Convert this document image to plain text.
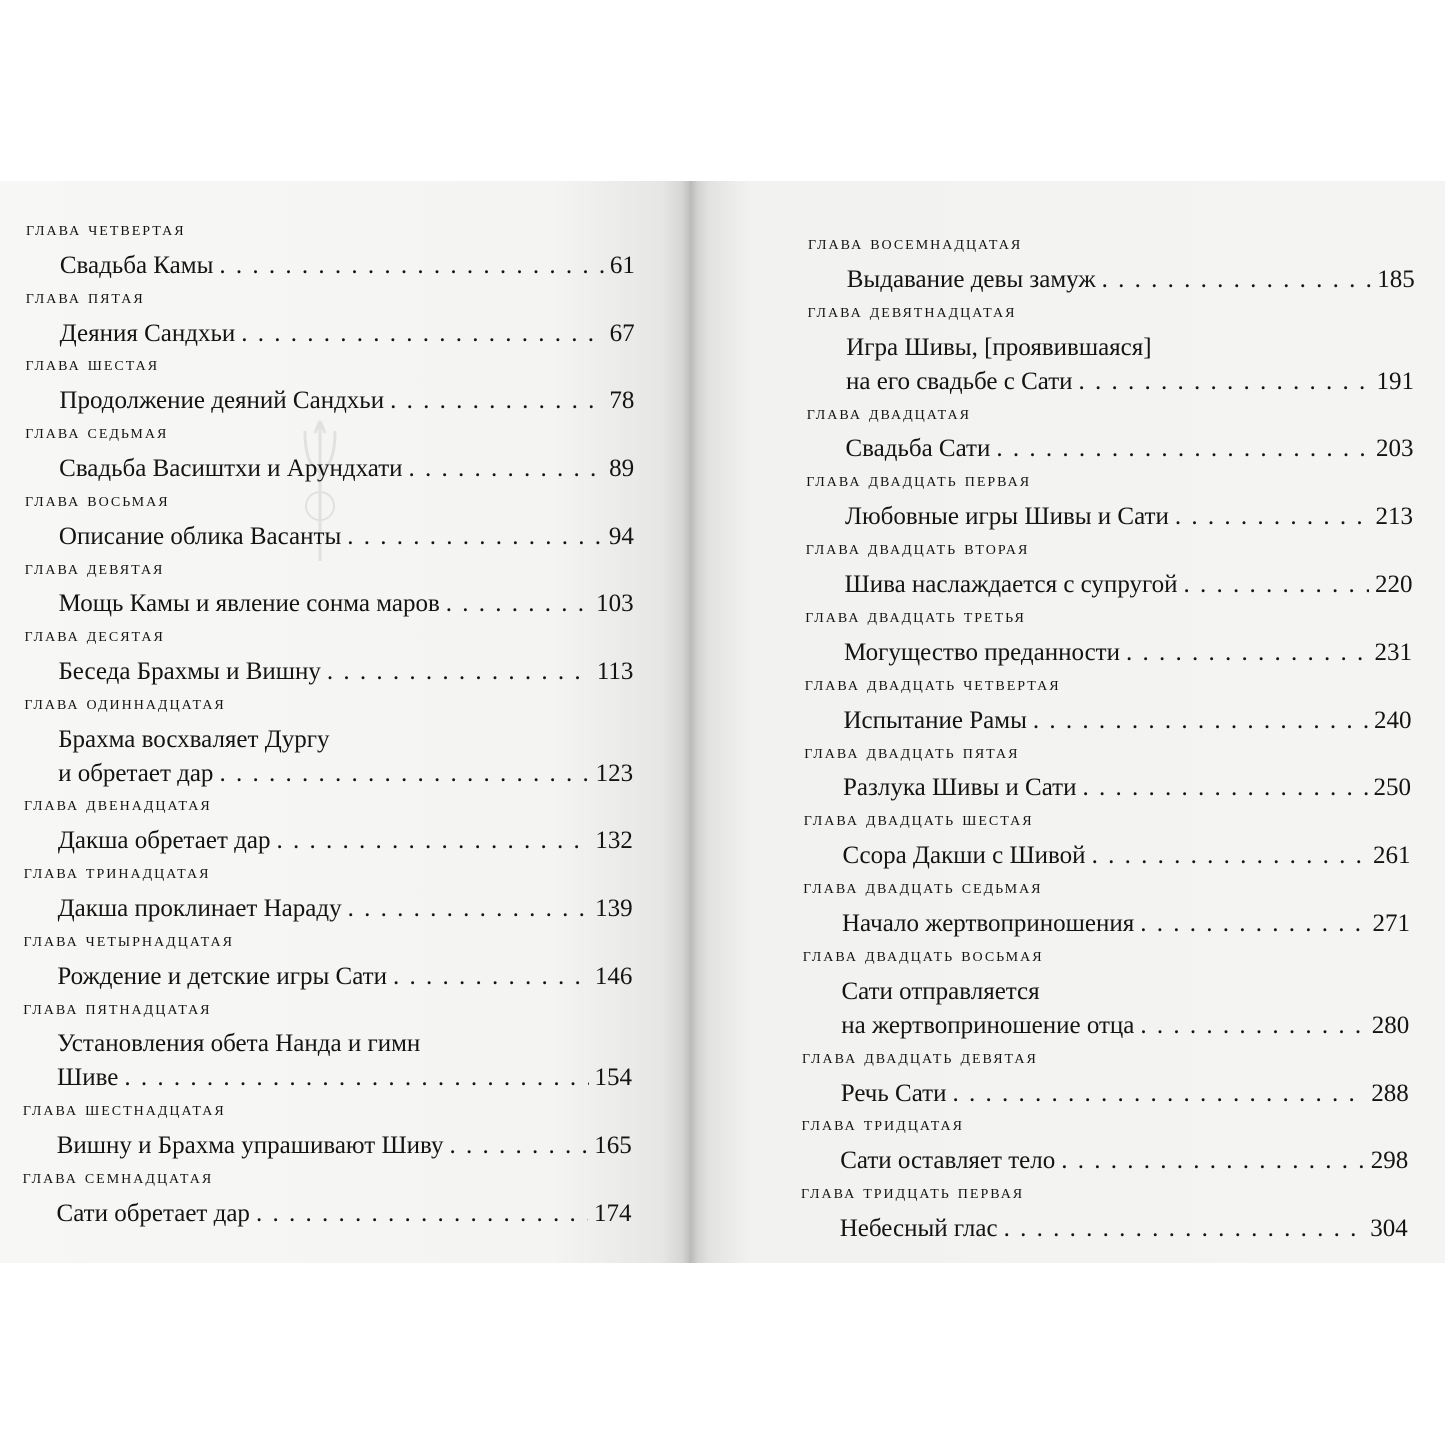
глава четвертая
Свадьба Камы . . .	61
глава пятая
Деяния Сандхьи . . .	67
глава шестая
Продолжение деяний Сандхьи . . .	78
глава седьмая
Свадьба Васиштхи и Арундхати . . .	89
глава восьмая
Описание облика Васанты . . .	94
глава девятая
Мощь Камы и явление сонма маров . . .	103
глава десятая
Беседа Брахмы и Вишну . . .	113
глава одиннадцатая
Брахма восхваляет Дургу
и обретает дар . . .	123
глава двенадцатая
Дакша обретает дар . . .	132
глава тринадцатая
Дакша проклинает Нараду . . .	139
глава четырнадцатая
Рождение и детские игры Сати . . .	146
глава пятнадцатая
Установления обета Нанда и гимн
Шиве . . .	154
глава шестнадцатая
Вишну и Брахма упрашивают Шиву . . .	165
глава семнадцатая
Сати обретает дар . . .	174
глава восемнадцатая
Выдавание девы замуж . . .	185
глава девятнадцатая
Игра Шивы, [проявившаяся]
на его свадьбе с Сати . . .	191
глава двадцатая
Свадьба Сати . . .	203
глава двадцать первая
Любовные игры Шивы и Сати . . .	213
глава двадцать вторая
Шива наслаждается с супругой . . .	220
глава двадцать третья
Могущество преданности . . .	231
глава двадцать четвертая
Испытание Рамы . . .	240
глава двадцать пятая
Разлука Шивы и Сати . . .	250
глава двадцать шестая
Ссора Дакши с Шивой . . .	261
глава двадцать седьмая
Начало жертвоприношения . . .	271
глава двадцать восьмая
Сати отправляется
на жертвоприношение отца . . .	280
глава двадцать девятая
Речь Сати . . .	288
глава тридцатая
Сати оставляет тело . . .	298
глава тридцать первая
Небесный глас . . .	304
